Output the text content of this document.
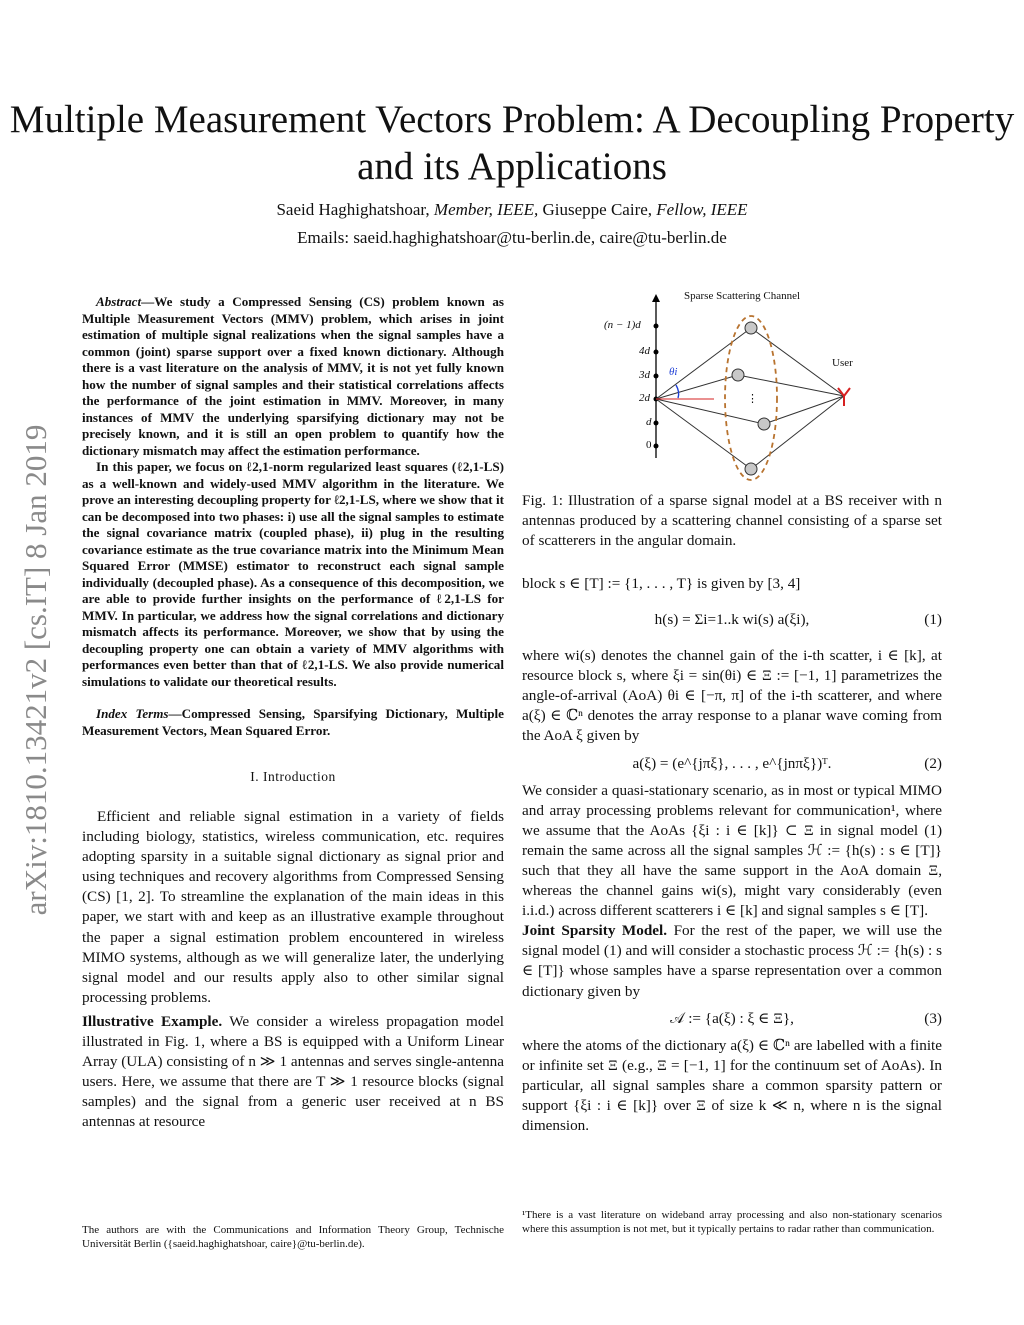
Multiple Measurement Vectors Problem: A Decoupling Property and its Applications
Saeid Haghighatshoar, Member, IEEE, Giuseppe Caire, Fellow, IEEE
Emails: saeid.haghighatshoar@tu-berlin.de, caire@tu-berlin.de
arXiv:1810.13421v2 [cs.IT] 8 Jan 2019

Abstract—We study a Compressed Sensing (CS) problem known as Multiple Measurement Vectors (MMV) problem, which arises in joint estimation of multiple signal realizations when the signal samples have a common (joint) sparse support over a fixed known dictionary. Although there is a vast literature on the analysis of MMV, it is not yet fully known how the number of signal samples and their statistical correlations affects the performance of the joint estimation in MMV. Moreover, in many instances of MMV the underlying sparsifying dictionary may not be precisely known, and it is still an open problem to quantify how the dictionary mismatch may affect the estimation performance.

In this paper, we focus on ℓ2,1-norm regularized least squares (ℓ2,1-LS) as a well-known and widely-used MMV algorithm in the literature. We prove an interesting decoupling property for ℓ2,1-LS, where we show that it can be decomposed into two phases: i) use all the signal samples to estimate the signal covariance matrix (coupled phase), ii) plug in the resulting covariance estimate as the true covariance matrix into the Minimum Mean Squared Error (MMSE) estimator to reconstruct each signal sample individually (decoupled phase). As a consequence of this decomposition, we are able to provide further insights on the performance of ℓ2,1-LS for MMV. In particular, we address how the signal correlations and dictionary mismatch affects its performance. Moreover, we show that by using the decoupling property one can obtain a variety of MMV algorithms with performances even better than that of ℓ2,1-LS. We also provide numerical simulations to validate our theoretical results.

Index Terms—Compressed Sensing, Sparsifying Dictionary, Multiple Measurement Vectors, Mean Squared Error.

I. Introduction

Efficient and reliable signal estimation in a variety of fields including biology, statistics, wireless communication, etc. requires adopting sparsity in a suitable signal dictionary as signal prior and using techniques and recovery algorithms from Compressed Sensing (CS) [1, 2]. To streamline the explanation of the main ideas in this paper, we start with and keep as an illustrative example throughout the paper a signal estimation problem encountered in wireless MIMO systems, although as we will generalize later, the underlying signal model and our results apply also to other similar signal processing problems.

Illustrative Example. We consider a wireless propagation model illustrated in Fig. 1, where a BS is equipped with a Uniform Linear Array (ULA) consisting of n ≫ 1 antennas and serves single-antenna users. Here, we assume that there are T ≫ 1 resource blocks (signal samples) and the signal from a generic user received at n BS antennas at resource

The authors are with the Communications and Information Theory Group, Technische Universität Berlin ({saeid.haghighatshoar, caire}@tu-berlin.de).
Sparse Scattering Channel
User
θi
⋮
(n − 1)d
4d
3d
2d
d
0
Fig. 1: Illustration of a sparse signal model at a BS receiver with n antennas produced by a scattering channel consisting of a sparse set of scatterers in the angular domain.

block s ∈ [T] := {1, . . . , T} is given by [3, 4]

h(s) = Σi=1..k wi(s) a(ξi),	(1)

where wi(s) denotes the channel gain of the i-th scatter, i ∈ [k], at resource block s, where ξi = sin(θi) ∈ Ξ := [−1, 1] parametrizes the angle-of-arrival (AoA) θi ∈ [−π, π] of the i-th scatterer, and where a(ξ) ∈ ℂⁿ denotes the array response to a planar wave coming from the AoA ξ given by

a(ξ) = (e^{jπξ}, . . . , e^{jnπξ})ᵀ.	(2)

We consider a quasi-stationary scenario, as in most or typical MIMO and array processing problems relevant for communication¹, where we assume that the AoAs {ξi : i ∈ [k]} ⊂ Ξ in signal model (1) remain the same across all the signal samples ℋ := {h(s) : s ∈ [T]} such that they all have the same support in the AoA domain Ξ, whereas the channel gains wi(s), might vary considerably (even i.i.d.) across different scatterers i ∈ [k] and signal samples s ∈ [T].

Joint Sparsity Model. For the rest of the paper, we will use the signal model (1) and will consider a stochastic process ℋ := {h(s) : s ∈ [T]} whose samples have a sparse representation over a common dictionary given by

𝒜 := {a(ξ) : ξ ∈ Ξ},	(3)

where the atoms of the dictionary a(ξ) ∈ ℂⁿ are labelled with a finite or infinite set Ξ (e.g., Ξ = [−1, 1] for the continuum set of AoAs). In particular, all signal samples share a common sparsity pattern or support {ξi : i ∈ [k]} over Ξ of size k ≪ n, where n is the signal dimension.

¹There is a vast literature on wideband array processing and also non-stationary scenarios where this assumption is not met, but it typically pertains to radar rather than communication.
